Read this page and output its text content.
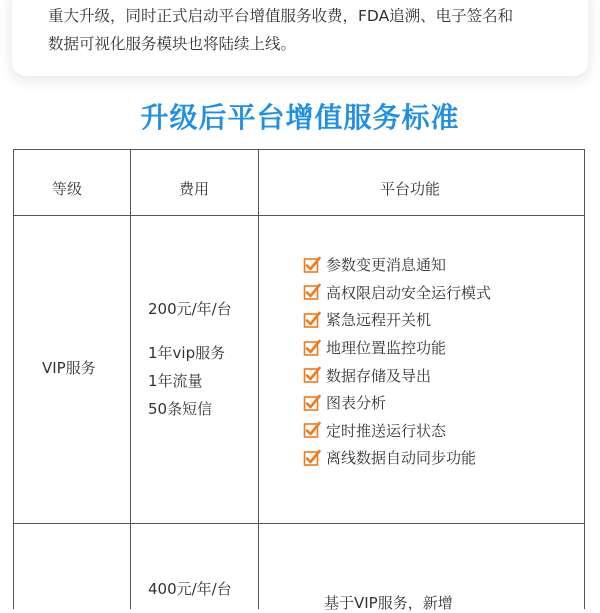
重大升级，同时正式启动平台增值服务收费，FDA追溯、电子签名和
数据可视化服务模块也将陆续上线。
升级后平台增值服务标准
等级	费用	平台功能
VIP服务
200元/年/台
1年vip服务
1年流量
50条短信
参数变更消息通知
高权限启动安全运行模式
紧急远程开关机
地理位置监控功能
数据存储及导出
图表分析
定时推送运行状态
离线数据自动同步功能
400元/年/台
基于VIP服务，新增
